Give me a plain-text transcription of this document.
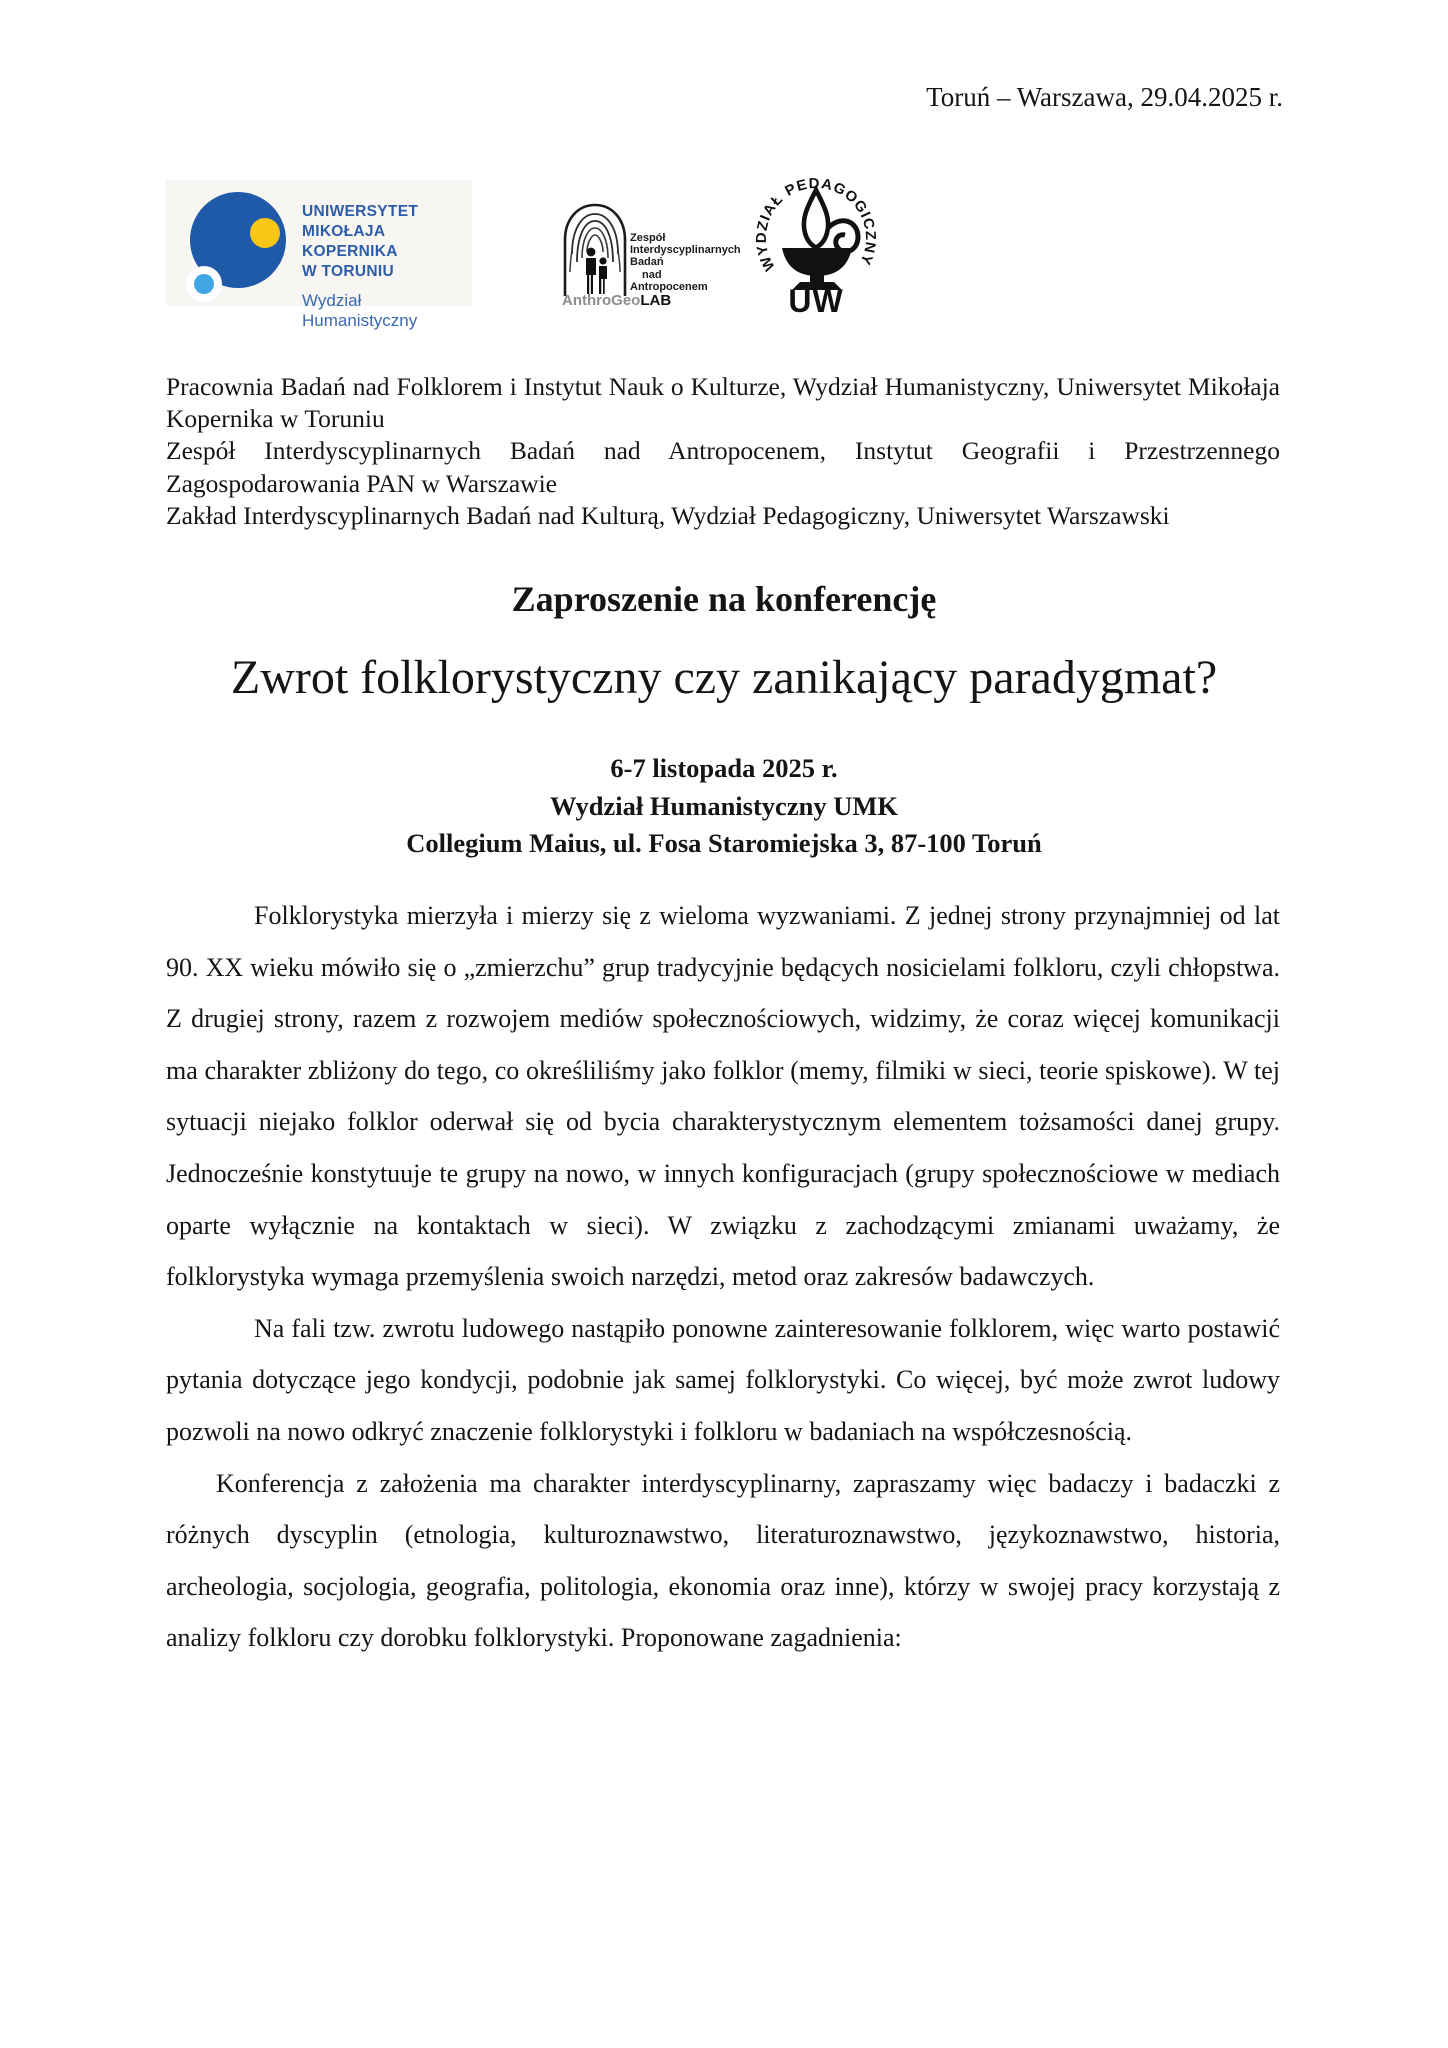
Toruń – Warszawa, 29.04.2025 r.
UNIWERSYTET
MIKOŁAJA KOPERNIKA
W TORUNIU
Wydział Humanistyczny
Zespół
Interdyscyplinarnych
Badań
nad
Antropocenem
AnthroGeoLAB
WYDZIAŁ PEDAGOGICZNY
UW

Pracownia Badań nad Folklorem i Instytut Nauk o Kulturze, Wydział Humanistyczny, Uniwersytet Mikołaja Kopernika w Toruniu

Zespół Interdyscyplinarnych Badań nad Antropocenem, Instytut Geografii i Przestrzennego Zagospodarowania PAN w Warszawie

Zakład Interdyscyplinarnych Badań nad Kulturą, Wydział Pedagogiczny, Uniwersytet Warszawski

Zaproszenie na konferencję
Zwrot folklorystyczny czy zanikający paradygmat?

6-7 listopada 2025 r.

Wydział Humanistyczny UMK

Collegium Maius, ul. Fosa Staromiejska 3, 87-100 Toruń

Folklorystyka mierzyła i mierzy się z wieloma wyzwaniami. Z jednej strony przynajmniej od lat 90. XX wieku mówiło się o „zmierzchu” grup tradycyjnie będących nosicielami folkloru, czyli chłopstwa. Z drugiej strony, razem z rozwojem mediów społecznościowych, widzimy, że coraz więcej komunikacji ma charakter zbliżony do tego, co określiliśmy jako folklor (memy, filmiki w sieci, teorie spiskowe). W tej sytuacji niejako folklor oderwał się od bycia charakterystycznym elementem tożsamości danej grupy. Jednocześnie konstytuuje te grupy na nowo, w innych konfiguracjach (grupy społecznościowe w mediach oparte wyłącznie na kontaktach w sieci). W związku z zachodzącymi zmianami uważamy, że folklorystyka wymaga przemyślenia swoich narzędzi, metod oraz zakresów badawczych.

Na fali tzw. zwrotu ludowego nastąpiło ponowne zainteresowanie folklorem, więc warto postawić pytania dotyczące jego kondycji, podobnie jak samej folklorystyki. Co więcej, być może zwrot ludowy pozwoli na nowo odkryć znaczenie folklorystyki i folkloru w badaniach na współczesnością.

Konferencja z założenia ma charakter interdyscyplinarny, zapraszamy więc badaczy i badaczki z różnych dyscyplin (etnologia, kulturoznawstwo, literaturoznawstwo, językoznawstwo, historia, archeologia, socjologia, geografia, politologia, ekonomia oraz inne), którzy w swojej pracy korzystają z analizy folkloru czy dorobku folklorystyki. Proponowane zagadnienia:
